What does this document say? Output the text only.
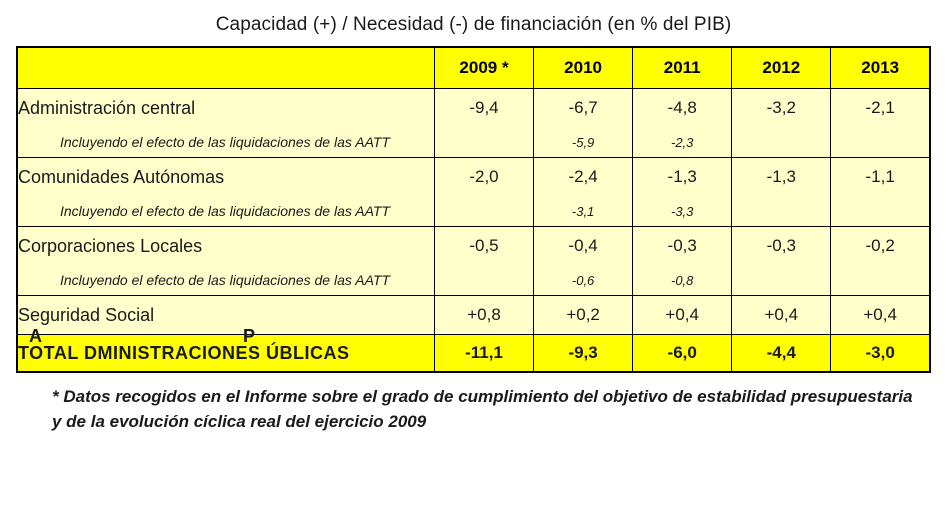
Capacidad (+) / Necesidad (-) de financiación (en % del PIB)
	2009 *	2010	2011	2012	2013
Administración central	-9,4	-6,7	-4,8	-3,2	-2,1
Incluyendo el efecto de las liquidaciones de las AATT		-5,9	-2,3		
Comunidades Autónomas	-2,0	-2,4	-1,3	-1,3	-1,1
Incluyendo el efecto de las liquidaciones de las AATT		-3,1	-3,3		
Corporaciones Locales	-0,5	-0,4	-0,3	-0,3	-0,2
Incluyendo el efecto de las liquidaciones de las AATT		-0,6	-0,8		
Seguridad Social	+0,8	+0,2	+0,4	+0,4	+0,4
TOTAL DMINISTRACIONES ÚBLICAS	-11,1	-9,3	-6,0	-4,4	-3,0
A	P
* Datos recogidos en el Informe sobre el grado de cumplimiento del objetivo de estabilidad presupuestaria y de la evolución cíclica real del ejercicio 2009
